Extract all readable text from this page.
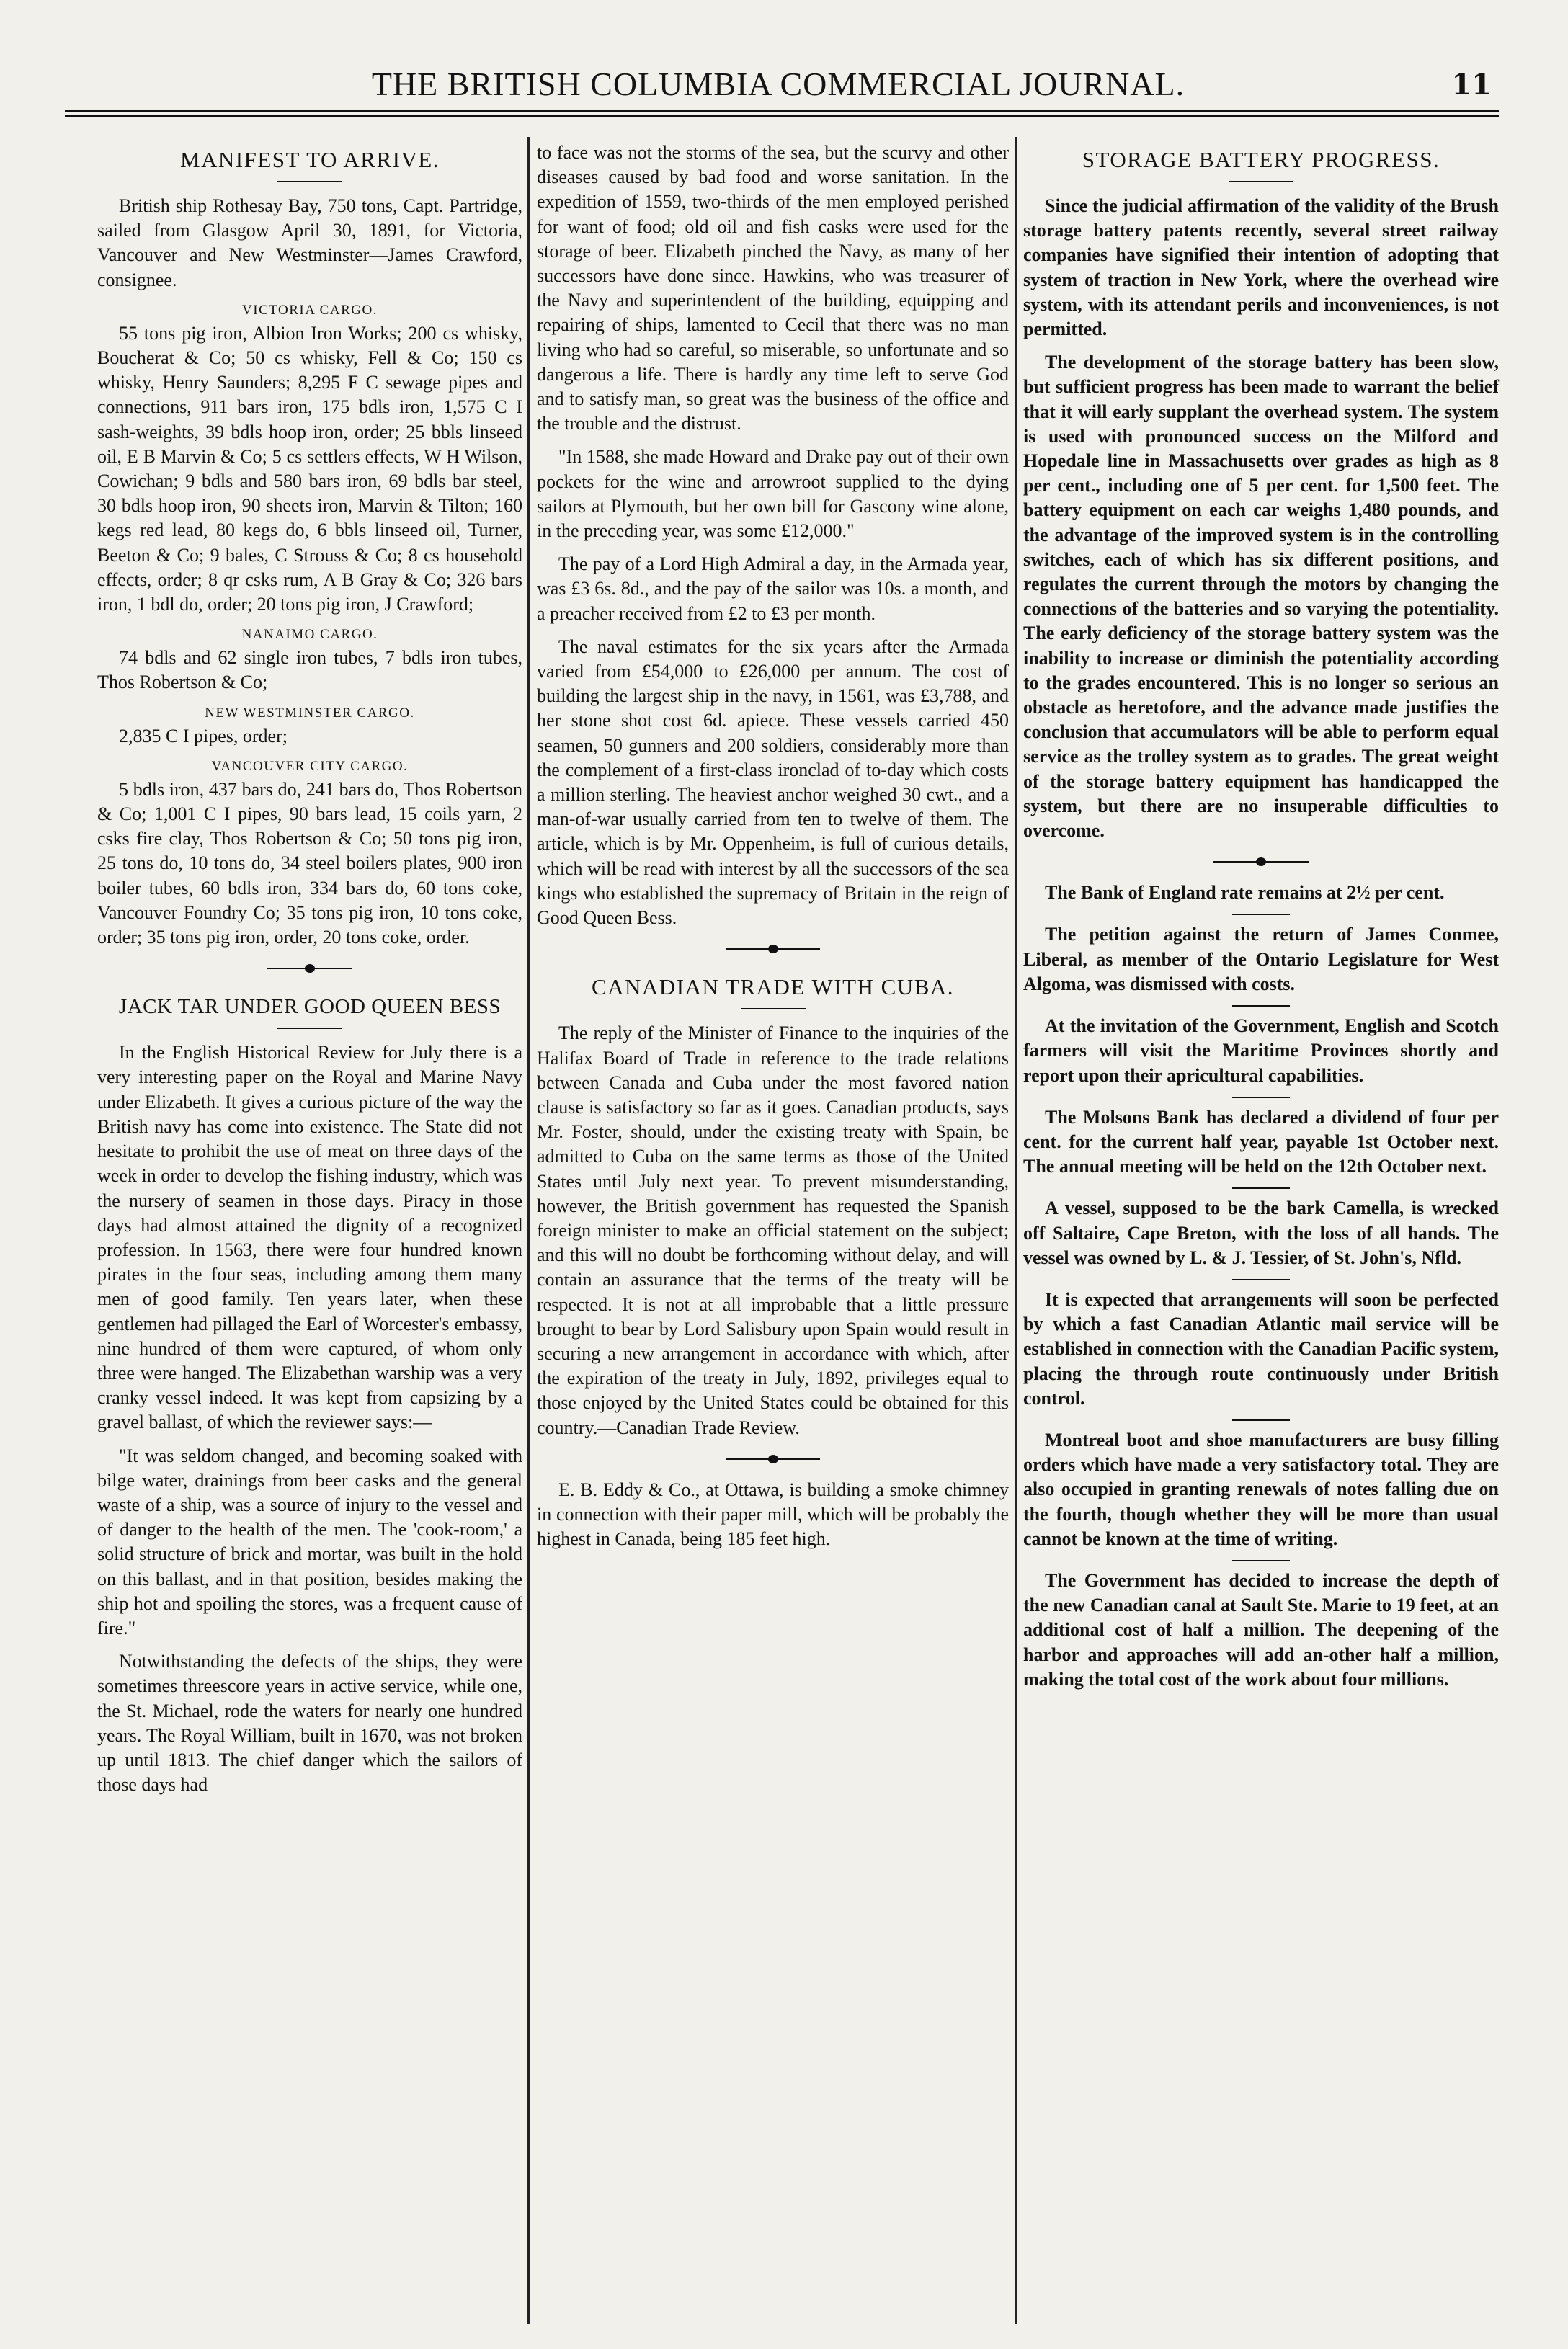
THE BRITISH COLUMBIA COMMERCIAL JOURNAL.	11
MANIFEST TO ARRIVE.

British ship Rothesay Bay, 750 tons, Capt. Partridge, sailed from Glasgow April 30, 1891, for Victoria, Vancouver and New Westminster—James Crawford, consignee.

VICTORIA CARGO.

55 tons pig iron, Albion Iron Works; 200 cs whisky, Boucherat & Co; 50 cs whisky, Fell & Co; 150 cs whisky, Henry Saunders; 8,295 F C sewage pipes and connections, 911 bars iron, 175 bdls iron, 1,575 C I sash-weights, 39 bdls hoop iron, order; 25 bbls linseed oil, E B Marvin & Co; 5 cs settlers effects, W H Wilson, Cowichan; 9 bdls and 580 bars iron, 69 bdls bar steel, 30 bdls hoop iron, 90 sheets iron, Marvin & Tilton; 160 kegs red lead, 80 kegs do, 6 bbls linseed oil, Turner, Beeton & Co; 9 bales, C Strouss & Co; 8 cs household effects, order; 8 qr csks rum, A B Gray & Co; 326 bars iron, 1 bdl do, order; 20 tons pig iron, J Crawford;

NANAIMO CARGO.

74 bdls and 62 single iron tubes, 7 bdls iron tubes, Thos Robertson & Co;

NEW WESTMINSTER CARGO.

2,835 C I pipes, order;

VANCOUVER CITY CARGO.

5 bdls iron, 437 bars do, 241 bars do, Thos Robertson & Co; 1,001 C I pipes, 90 bars lead, 15 coils yarn, 2 csks fire clay, Thos Robertson & Co; 50 tons pig iron, 25 tons do, 10 tons do, 34 steel boilers plates, 900 iron boiler tubes, 60 bdls iron, 334 bars do, 60 tons coke, Vancouver Foundry Co; 35 tons pig iron, 10 tons coke, order; 35 tons pig iron, order, 20 tons coke, order.

JACK TAR UNDER GOOD QUEEN BESS

In the English Historical Review for July there is a very interesting paper on the Royal and Marine Navy under Elizabeth. It gives a curious picture of the way the British navy has come into existence. The State did not hesitate to prohibit the use of meat on three days of the week in order to develop the fishing industry, which was the nursery of seamen in those days. Piracy in those days had almost attained the dignity of a recognized profession. In 1563, there were four hundred known pirates in the four seas, including among them many men of good family. Ten years later, when these gentlemen had pillaged the Earl of Worcester's embassy, nine hundred of them were captured, of whom only three were hanged. The Elizabethan warship was a very cranky vessel indeed. It was kept from capsizing by a gravel ballast, of which the reviewer says:—

"It was seldom changed, and becoming soaked with bilge water, drainings from beer casks and the general waste of a ship, was a source of injury to the vessel and of danger to the health of the men. The 'cook-room,' a solid structure of brick and mortar, was built in the hold on this ballast, and in that position, besides making the ship hot and spoiling the stores, was a frequent cause of fire."

Notwithstanding the defects of the ships, they were sometimes threescore years in active service, while one, the St. Michael, rode the waters for nearly one hundred years. The Royal William, built in 1670, was not broken up until 1813. The chief danger which the sailors of those days had

to face was not the storms of the sea, but the scurvy and other diseases caused by bad food and worse sanitation. In the expedition of 1559, two-thirds of the men employed perished for want of food; old oil and fish casks were used for the storage of beer. Elizabeth pinched the Navy, as many of her successors have done since. Hawkins, who was treasurer of the Navy and superintendent of the building, equipping and repairing of ships, lamented to Cecil that there was no man living who had so careful, so miserable, so unfortunate and so dangerous a life. There is hardly any time left to serve God and to satisfy man, so great was the business of the office and the trouble and the distrust.

"In 1588, she made Howard and Drake pay out of their own pockets for the wine and arrowroot supplied to the dying sailors at Plymouth, but her own bill for Gascony wine alone, in the preceding year, was some £12,000."

The pay of a Lord High Admiral a day, in the Armada year, was £3 6s. 8d., and the pay of the sailor was 10s. a month, and a preacher received from £2 to £3 per month.

The naval estimates for the six years after the Armada varied from £54,000 to £26,000 per annum. The cost of building the largest ship in the navy, in 1561, was £3,788, and her stone shot cost 6d. apiece. These vessels carried 450 seamen, 50 gunners and 200 soldiers, considerably more than the complement of a first-class ironclad of to-day which costs a million sterling. The heaviest anchor weighed 30 cwt., and a man-of-war usually carried from ten to twelve of them. The article, which is by Mr. Oppenheim, is full of curious details, which will be read with interest by all the successors of the sea kings who established the supremacy of Britain in the reign of Good Queen Bess.

CANADIAN TRADE WITH CUBA.

The reply of the Minister of Finance to the inquiries of the Halifax Board of Trade in reference to the trade relations between Canada and Cuba under the most favored nation clause is satisfactory so far as it goes. Canadian products, says Mr. Foster, should, under the existing treaty with Spain, be admitted to Cuba on the same terms as those of the United States until July next year. To prevent misunderstanding, however, the British government has requested the Spanish foreign minister to make an official statement on the subject; and this will no doubt be forthcoming without delay, and will contain an assurance that the terms of the treaty will be respected. It is not at all improbable that a little pressure brought to bear by Lord Salisbury upon Spain would result in securing a new arrangement in accordance with which, after the expiration of the treaty in July, 1892, privileges equal to those enjoyed by the United States could be obtained for this country.—Canadian Trade Review.

E. B. Eddy & Co., at Ottawa, is building a smoke chimney in connection with their paper mill, which will be probably the highest in Canada, being 185 feet high.

STORAGE BATTERY PROGRESS.

Since the judicial affirmation of the validity of the Brush storage battery patents recently, several street railway companies have signified their intention of adopting that system of traction in New York, where the overhead wire system, with its attendant perils and inconveniences, is not permitted.

The development of the storage battery has been slow, but sufficient progress has been made to warrant the belief that it will early supplant the overhead system. The system is used with pronounced success on the Milford and Hopedale line in Massachusetts over grades as high as 8 per cent., including one of 5 per cent. for 1,500 feet. The battery equipment on each car weighs 1,480 pounds, and the advantage of the improved system is in the controlling switches, each of which has six different positions, and regulates the current through the motors by changing the connections of the batteries and so varying the potentiality. The early deficiency of the storage battery system was the inability to increase or diminish the potentiality according to the grades encountered. This is no longer so serious an obstacle as heretofore, and the advance made justifies the conclusion that accumulators will be able to perform equal service as the trolley system as to grades. The great weight of the storage battery equipment has handicapped the system, but there are no insuperable difficulties to overcome.

The Bank of England rate remains at 2½ per cent.

The petition against the return of James Conmee, Liberal, as member of the Ontario Legislature for West Algoma, was dismissed with costs.

At the invitation of the Government, English and Scotch farmers will visit the Maritime Provinces shortly and report upon their apricultural capabilities.

The Molsons Bank has declared a dividend of four per cent. for the current half year, payable 1st October next. The annual meeting will be held on the 12th October next.

A vessel, supposed to be the bark Camella, is wrecked off Saltaire, Cape Breton, with the loss of all hands. The vessel was owned by L. & J. Tessier, of St. John's, Nfld.

It is expected that arrangements will soon be perfected by which a fast Canadian Atlantic mail service will be established in connection with the Canadian Pacific system, placing the through route continuously under British control.

Montreal boot and shoe manufacturers are busy filling orders which have made a very satisfactory total. They are also occupied in granting renewals of notes falling due on the fourth, though whether they will be more than usual cannot be known at the time of writing.

The Government has decided to increase the depth of the new Canadian canal at Sault Ste. Marie to 19 feet, at an additional cost of half a million. The deepening of the harbor and approaches will add an-other half a million, making the total cost of the work about four millions.
